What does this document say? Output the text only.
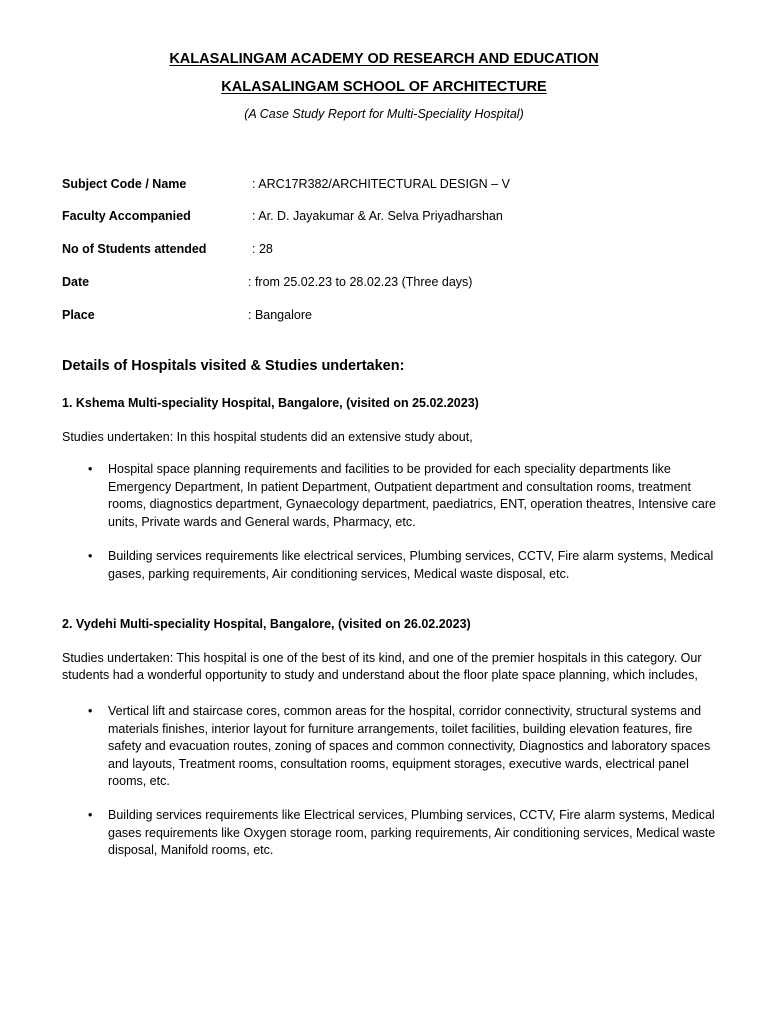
KALASALINGAM ACADEMY OD RESEARCH AND EDUCATION
KALASALINGAM SCHOOL OF ARCHITECTURE
(A Case Study Report for Multi-Speciality Hospital)
Subject Code / Name	: ARC17R382/ARCHITECTURAL DESIGN – V
Faculty Accompanied	: Ar. D. Jayakumar & Ar. Selva Priyadharshan
No of Students attended	: 28
Date	: from 25.02.23 to 28.02.23 (Three days)
Place	: Bangalore
Details of Hospitals visited & Studies undertaken:
1. Kshema Multi-speciality Hospital, Bangalore, (visited on 25.02.2023)
Studies undertaken: In this hospital students did an extensive study about,
• Hospital space planning requirements and facilities to be provided for each speciality departments like Emergency Department, In patient Department, Outpatient department and consultation rooms, treatment rooms, diagnostics department, Gynaecology department, paediatrics, ENT, operation theatres, Intensive care units, Private wards and General wards, Pharmacy, etc.
• Building services requirements like electrical services, Plumbing services, CCTV, Fire alarm systems, Medical gases, parking requirements, Air conditioning services, Medical waste disposal, etc.
2. Vydehi Multi-speciality Hospital, Bangalore, (visited on 26.02.2023)
Studies undertaken: This hospital is one of the best of its kind, and one of the premier hospitals in this category. Our students had a wonderful opportunity to study and understand about the floor plate space planning, which includes,
• Vertical lift and staircase cores, common areas for the hospital, corridor connectivity, structural systems and materials finishes, interior layout for furniture arrangements, toilet facilities, building elevation features, fire safety and evacuation routes, zoning of spaces and common connectivity, Diagnostics and laboratory spaces and layouts, Treatment rooms, consultation rooms, equipment storages, executive wards, electrical panel rooms, etc.
• Building services requirements like Electrical services, Plumbing services, CCTV, Fire alarm systems, Medical gases requirements like Oxygen storage room, parking requirements, Air conditioning services, Medical waste disposal, Manifold rooms, etc.
